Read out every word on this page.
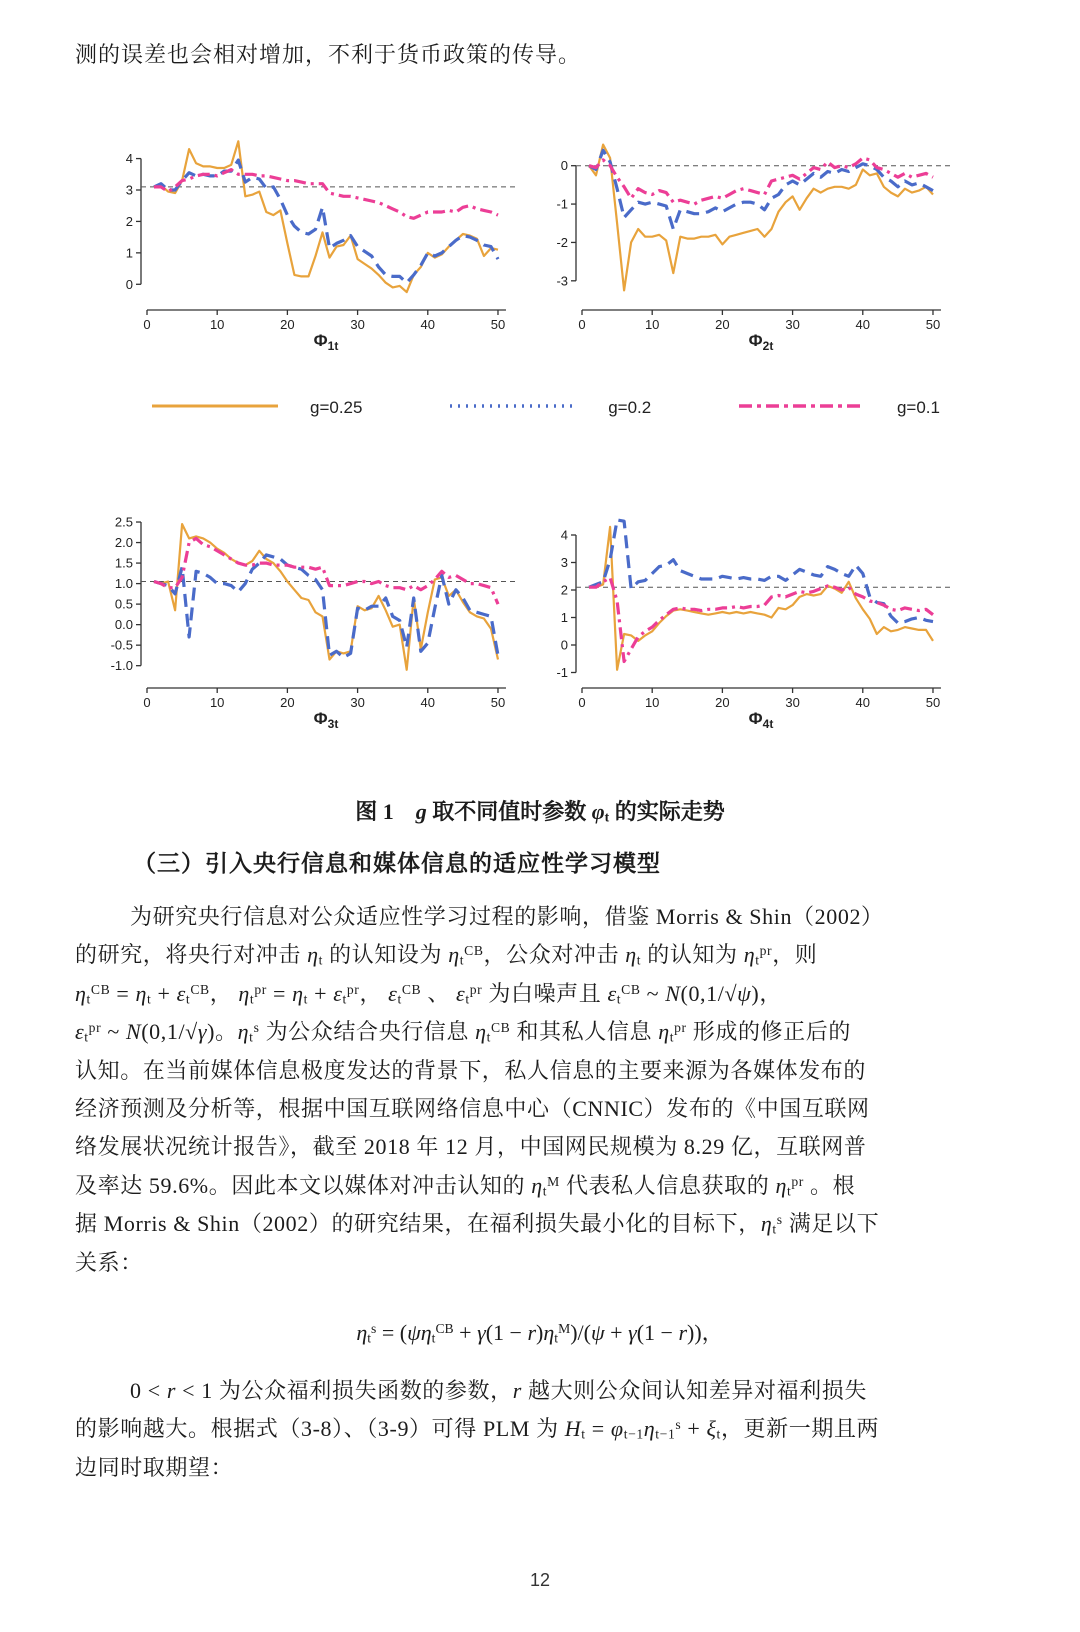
测的误差也会相对增加，不利于货币政策的传导。
0
1
2
3
4
0	10	20	30	40	50
$\Phi_{1t}$
-3
-2
-1
0
0	10	20	30	40	50
$\Phi_{2t}$
g=0.25	g=0.2	g=0.1
-1.0
-0.5
0.0
0.5
1.0
1.5
2.0
2.5
0	10	20	30	40	50
$\Phi_{3t}$
-1
0
1
2
3
4
0	10	20	30	40	50
$\Phi_{4t}$
图 1　g 取不同值时参数 $\varphi_t$ 的实际走势
（三）引入央行信息和媒体信息的适应性学习模型
为研究央行信息对公众适应性学习过程的影响，借鉴 Morris & Shin（2002）
的研究，将央行对冲击 $\eta_t$ 的认知设为 $\eta_t^{CB}$，公众对冲击 $\eta_t$ 的认知为 $\eta_t^{pr}$，则
$\eta_t^{CB} = \eta_t + \varepsilon_t^{CB}$， $\eta_t^{pr} = \eta_t + \varepsilon_t^{pr}$， $\varepsilon_t^{CB}$ 、 $\varepsilon_t^{pr}$ 为白噪声且 $\varepsilon_t^{CB}$ ~ N(0,1/√ψ)，
$\varepsilon_t^{pr}$ ~ N(0,1/√γ)。$\eta_t^s$ 为公众结合央行信息 $\eta_t^{CB}$ 和其私人信息 $\eta_t^{pr}$ 形成的修正后的
认知。在当前媒体信息极度发达的背景下，私人信息的主要来源为各媒体发布的
经济预测及分析等，根据中国互联网络信息中心（CNNIC）发布的《中国互联网
络发展状况统计报告》，截至 2018 年 12 月，中国网民规模为 8.29 亿，互联网普
及率达 59.6%。因此本文以媒体对冲击认知的 $\eta_t^M$ 代表私人信息获取的 $\eta_t^{pr}$ 。根
据 Morris & Shin（2002）的研究结果，在福利损失最小化的目标下，$\eta_t^s$ 满足以下
关系：
$\eta_t^s = (\psi\eta_t^{CB} + \gamma(1 - r)\eta_t^M)/(\psi + \gamma(1 - r))$，
0 < r < 1 为公众福利损失函数的参数，r 越大则公众间认知差异对福利损失
的影响越大。根据式（3-8）、（3-9）可得 PLM 为 $H_t = \varphi_{t-1}\eta_{t-1}^s + \xi_t$，更新一期且两
边同时取期望：
12
